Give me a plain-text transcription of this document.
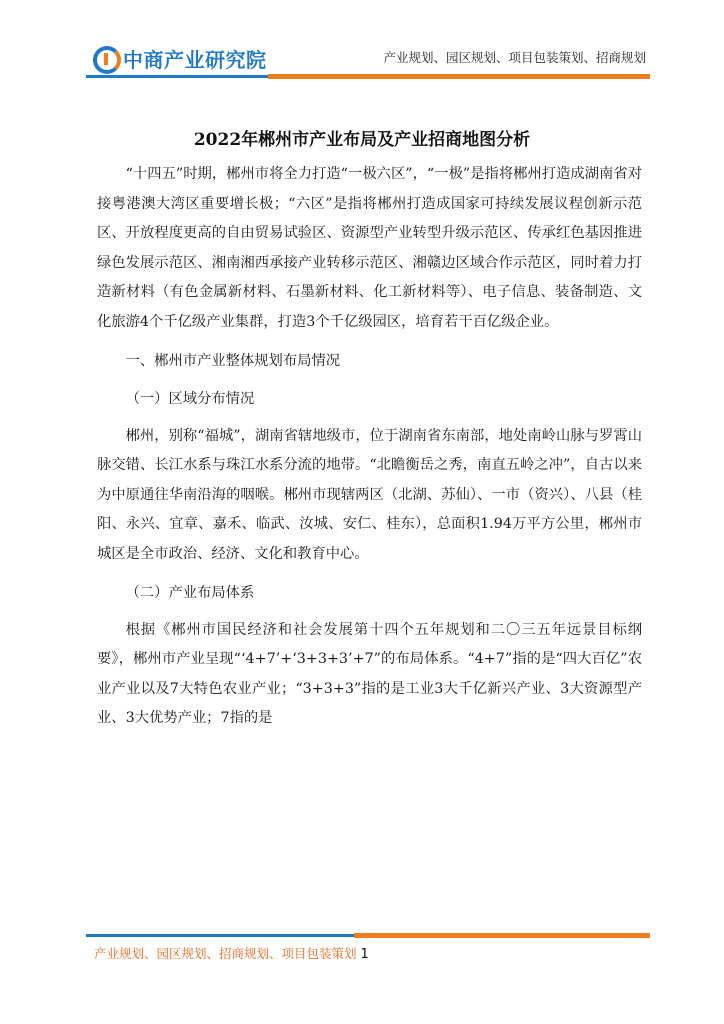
中商产业研究院	产业规划、园区规划、项目包装策划、招商规划
2022年郴州市产业布局及产业招商地图分析

“十四五”时期，郴州市将全力打造“一极六区”，“一极”是指将郴州打造成湖南省对接粤港澳大湾区重要增长极；“六区”是指将郴州打造成国家可持续发展议程创新示范区、开放程度更高的自由贸易试验区、资源型产业转型升级示范区、传承红色基因推进绿色发展示范区、湘南湘西承接产业转移示范区、湘赣边区域合作示范区，同时着力打造新材料（有色金属新材料、石墨新材料、化工新材料等）、电子信息、装备制造、文化旅游4个千亿级产业集群，打造3个千亿级园区，培育若干百亿级企业。

一、郴州市产业整体规划布局情况

（一）区域分布情况

郴州，别称“福城”，湖南省辖地级市，位于湖南省东南部，地处南岭山脉与罗霄山脉交错、长江水系与珠江水系分流的地带。“北瞻衡岳之秀，南直五岭之冲”，自古以来为中原通往华南沿海的咽喉。郴州市现辖两区（北湖、苏仙）、一市（资兴）、八县（桂阳、永兴、宜章、嘉禾、临武、汝城、安仁、桂东），总面积1.94万平方公里，郴州市城区是全市政治、经济、文化和教育中心。

（二）产业布局体系

根据《郴州市国民经济和社会发展第十四个五年规划和二〇三五年远景目标纲要》，郴州市产业呈现“‘4+7’+‘3+3+3’+7”的布局体系。“4+7”指的是“四大百亿”农业产业以及7大特色农业产业；“3+3+3”指的是工业3大千亿新兴产业、3大资源型产业、3大优势产业；7指的是

产业规划、园区规划、招商规划、项目包装策划 1
